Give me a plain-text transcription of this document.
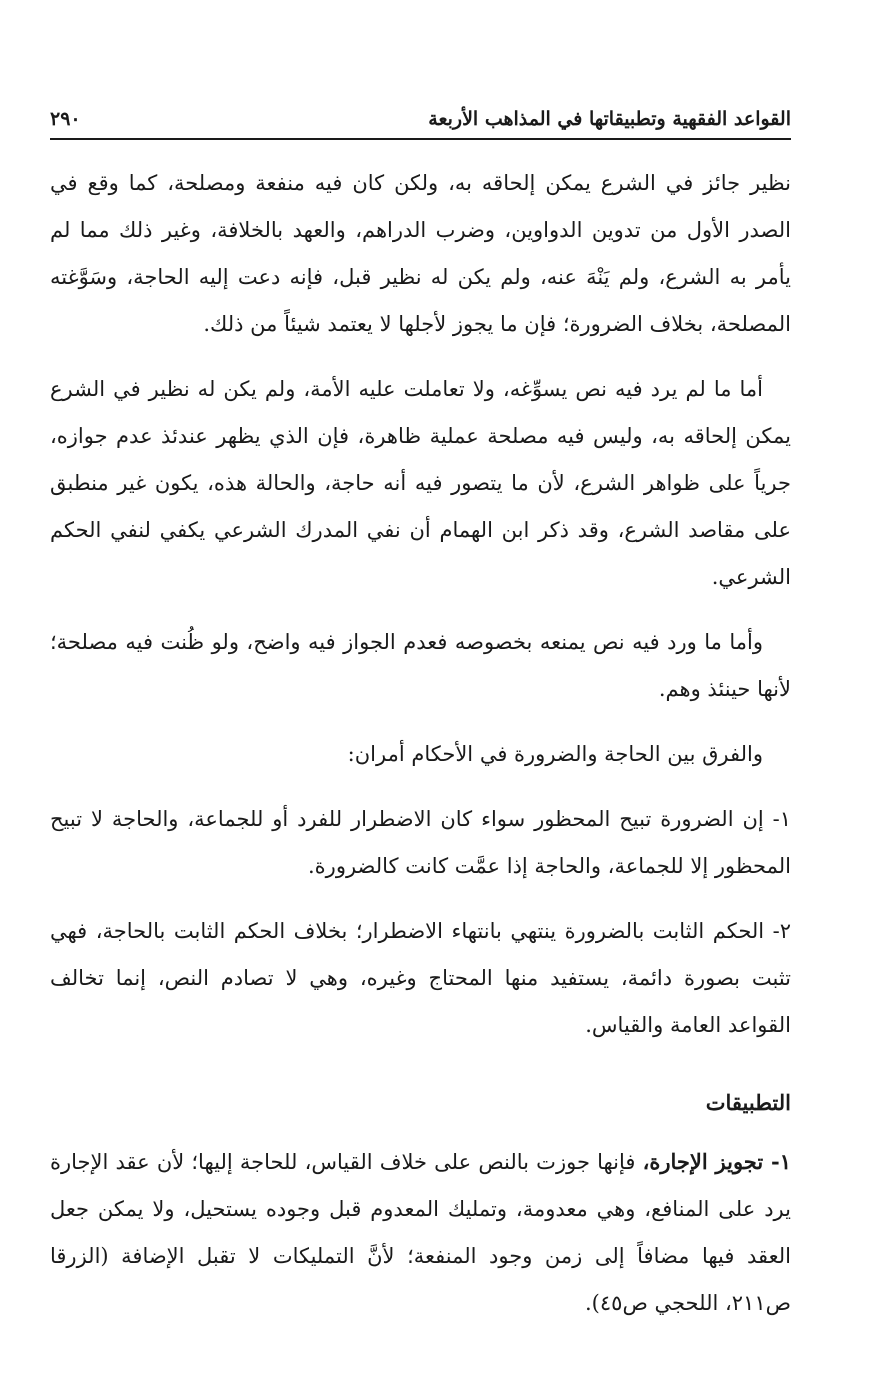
القواعد الفقهية وتطبيقاتها في المذاهب الأربعة
٢٩٠

نظير جائز في الشرع يمكن إلحاقه به، ولكن كان فيه منفعة ومصلحة، كما وقع في الصدر الأول من تدوين الدواوين، وضرب الدراهم، والعهد بالخلافة، وغير ذلك مما لم يأمر به الشرع، ولم يَنْهَ عنه، ولم يكن له نظير قبل، فإنه دعت إليه الحاجة، وسَوَّغته المصلحة، بخلاف الضرورة؛ فإن ما يجوز لأجلها لا يعتمد شيئاً من ذلك.

أما ما لم يرد فيه نص يسوِّغه، ولا تعاملت عليه الأمة، ولم يكن له نظير في الشرع يمكن إلحاقه به، وليس فيه مصلحة عملية ظاهرة، فإن الذي يظهر عندئذ عدم جوازه، جرياً على ظواهر الشرع، لأن ما يتصور فيه أنه حاجة، والحالة هذه، يكون غير منطبق على مقاصد الشرع، وقد ذكر ابن الهمام أن نفي المدرك الشرعي يكفي لنفي الحكم الشرعي.

وأما ما ورد فيه نص يمنعه بخصوصه فعدم الجواز فيه واضح، ولو ظُنت فيه مصلحة؛ لأنها حينئذ وهم.

والفرق بين الحاجة والضرورة في الأحكام أمران:

١- إن الضرورة تبيح المحظور سواء كان الاضطرار للفرد أو للجماعة، والحاجة لا تبيح المحظور إلا للجماعة، والحاجة إذا عمَّت كانت كالضرورة.

٢- الحكم الثابت بالضرورة ينتهي بانتهاء الاضطرار؛ بخلاف الحكم الثابت بالحاجة، فهي تثبت بصورة دائمة، يستفيد منها المحتاج وغيره، وهي لا تصادم النص، إنما تخالف القواعد العامة والقياس.

التطبيقات

١- تجويز الإجارة، فإنها جوزت بالنص على خلاف القياس، للحاجة إليها؛ لأن عقد الإجارة يرد على المنافع، وهي معدومة، وتمليك المعدوم قبل وجوده يستحيل، ولا يمكن جعل العقد فيها مضافاً إلى زمن وجود المنفعة؛ لأنَّ التمليكات لا تقبل الإضافة (الزرقا ص٢١١، اللحجي ص٤٥).
